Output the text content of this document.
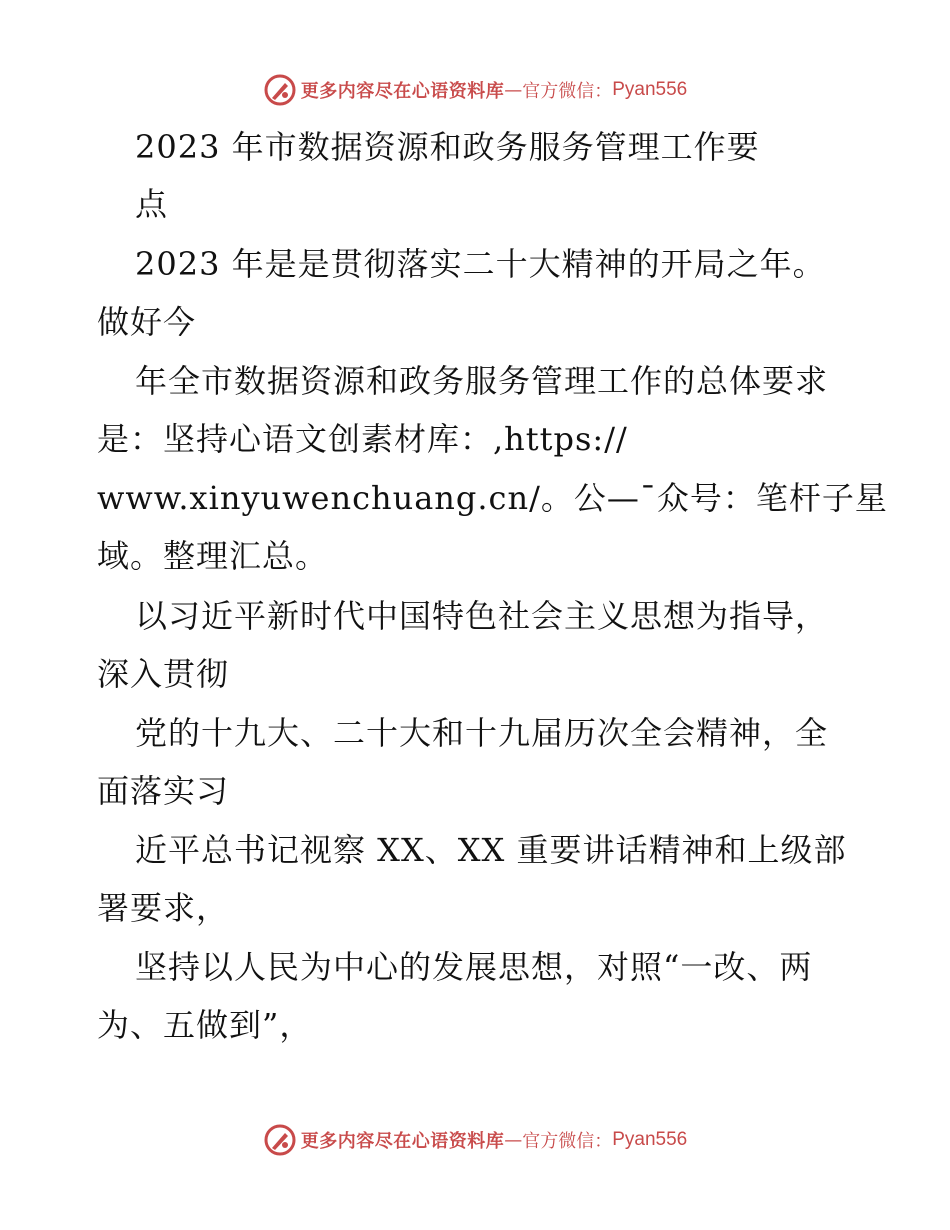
更多内容尽在心语资料库 — 官方微信： Pyan556
2023 年市数据资源和政务服务管理工作要
点
2023 年是是贯彻落实二十大精神的开局之年。
做好今
年全市数据资源和政务服务管理工作的总体要求
是：坚持心语文创素材库：,https://
www.xinyuwenchuang.cn/。公—¯众号：笔杆子星
域。整理汇总。
以习近平新时代中国特色社会主义思想为指导，
深入贯彻
党的十九大、二十大和十九届历次全会精神，全
面落实习
近平总书记视察 XX、XX 重要讲话精神和上级部
署要求，
坚持以人民为中心的发展思想，对照“一改、两
为、五做到”，
更多内容尽在心语资料库 — 官方微信： Pyan556
